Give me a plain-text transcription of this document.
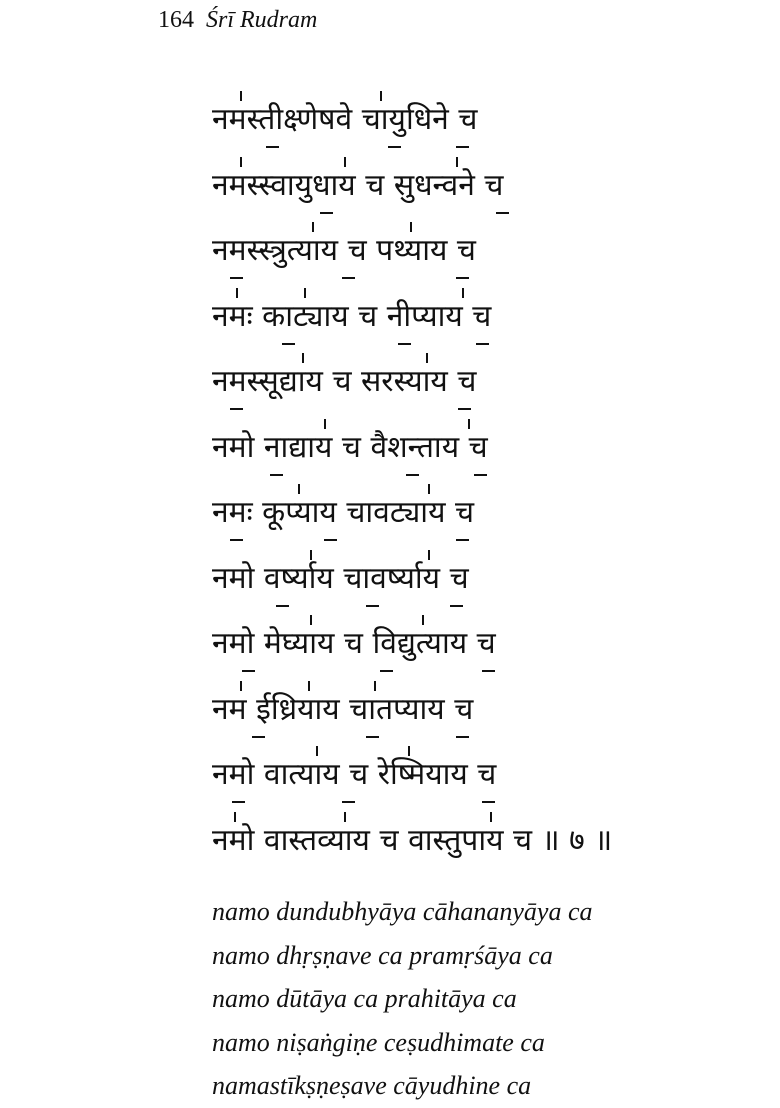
164 Śrī Rudram
नमस्तीक्ष्णेषवे चायुधिने च
नमस्स्वायुधाय च सुधन्वने च
नमस्स्त्रुत्याय च पथ्याय च
नमः काट्याय च नीप्याय च
नमस्सूद्याय च सरस्याय च
नमो नाद्याय च वैशन्ताय च
नमः कूप्याय चावट्याय च
नमो वर्ष्याय चावर्ष्याय च
नमो मेघ्याय च विद्युत्याय च
नम ईध्रियाय चातप्याय च
नमो वात्याय च रेष्मियाय च
नमो वास्तव्याय च वास्तुपाय च ॥ ७ ॥
namo dundubhyāya cāhananyāya ca
namo dhṛṣṇave ca pramṛśāya ca
namo dūtāya ca prahitāya ca
namo niṣaṅgiṇe ceṣudhimate ca
namastīkṣṇeṣave cāyudhine ca
